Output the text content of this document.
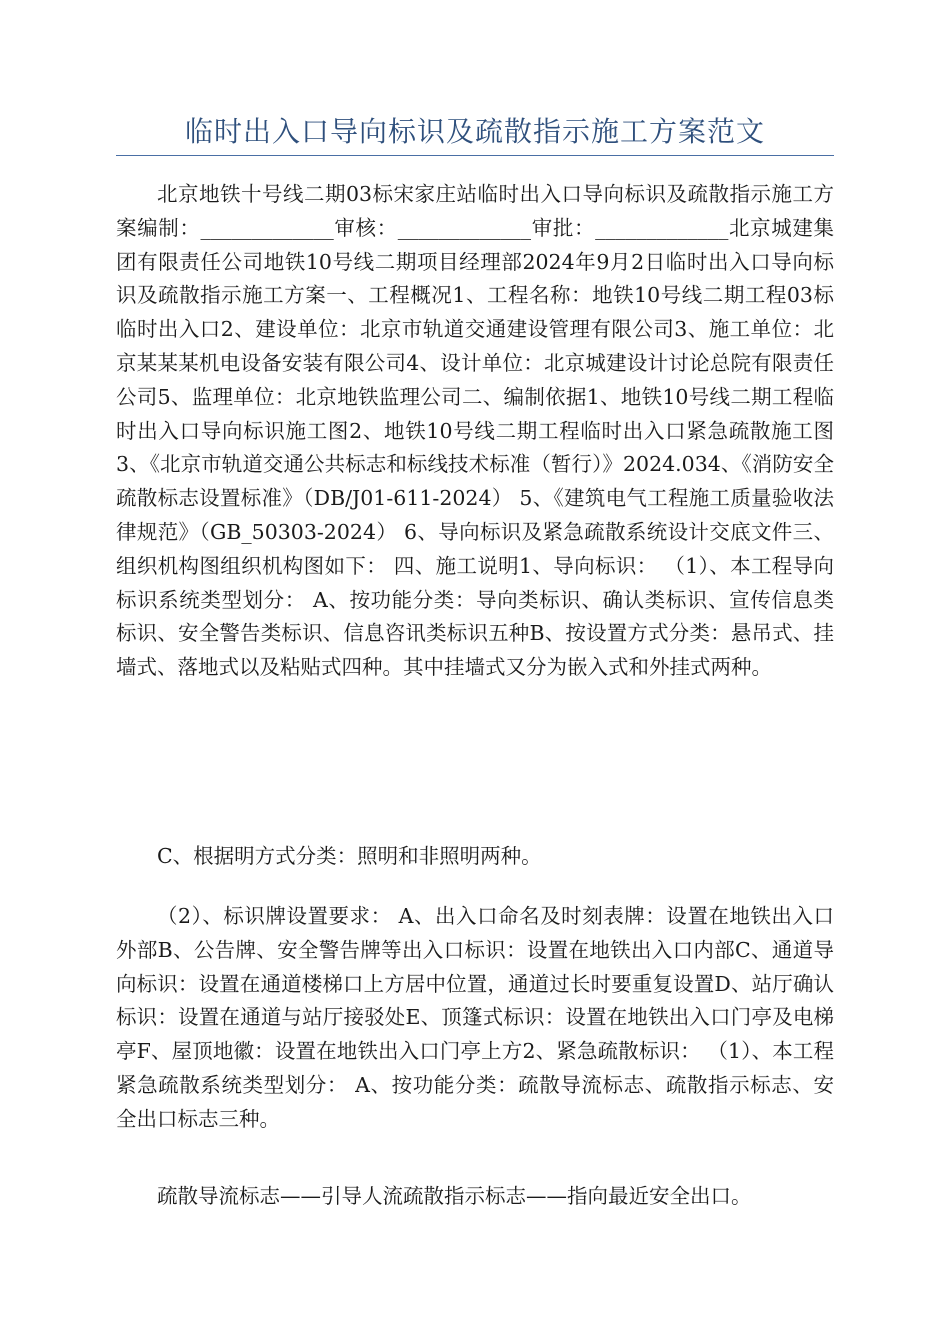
临时出入口导向标识及疏散指示施工方案范文

北京地铁十号线二期03标宋家庄站临时出入口导向标识及疏散指示施工方案编制：_____________审核：_____________审批：_____________北京城建集团有限责任公司地铁10号线二期项目经理部2024年9月2日临时出入口导向标识及疏散指示施工方案一、工程概况1、工程名称：地铁10号线二期工程03标临时出入口2、建设单位：北京市轨道交通建设管理有限公司3、施工单位：北京某某某机电设备安装有限公司4、设计单位：北京城建设计讨论总院有限责任公司5、监理单位：北京地铁监理公司二、编制依据1、地铁10号线二期工程临时出入口导向标识施工图2、地铁10号线二期工程临时出入口紧急疏散施工图3、《北京市轨道交通公共标志和标线技术标准（暂行）》2024.034、《消防安全疏散标志设置标准》（DB/J01-611-2024） 5、《建筑电气工程施工质量验收法律规范》（GB_50303-2024） 6、导向标识及紧急疏散系统设计交底文件三、组织机构图组织机构图如下： 四、施工说明1、导向标识： （1）、本工程导向标识系统类型划分： A、按功能分类：导向类标识、确认类标识、宣传信息类标识、安全警告类标识、信息咨讯类标识五种B、按设置方式分类：悬吊式、挂墙式、落地式以及粘贴式四种。其中挂墙式又分为嵌入式和外挂式两种。

C、根据明方式分类：照明和非照明两种。

（2）、标识牌设置要求： A、出入口命名及时刻表牌：设置在地铁出入口外部B、公告牌、安全警告牌等出入口标识：设置在地铁出入口内部C、通道导向标识：设置在通道楼梯口上方居中位置，通道过长时要重复设置D、站厅确认标识：设置在通道与站厅接驳处E、顶篷式标识：设置在地铁出入口门亭及电梯亭F、屋顶地徽：设置在地铁出入口门亭上方2、紧急疏散标识： （1）、本工程紧急疏散系统类型划分： A、按功能分类：疏散导流标志、疏散指示标志、安全出口标志三种。

疏散导流标志——引导人流疏散指示标志——指向最近安全出口。
